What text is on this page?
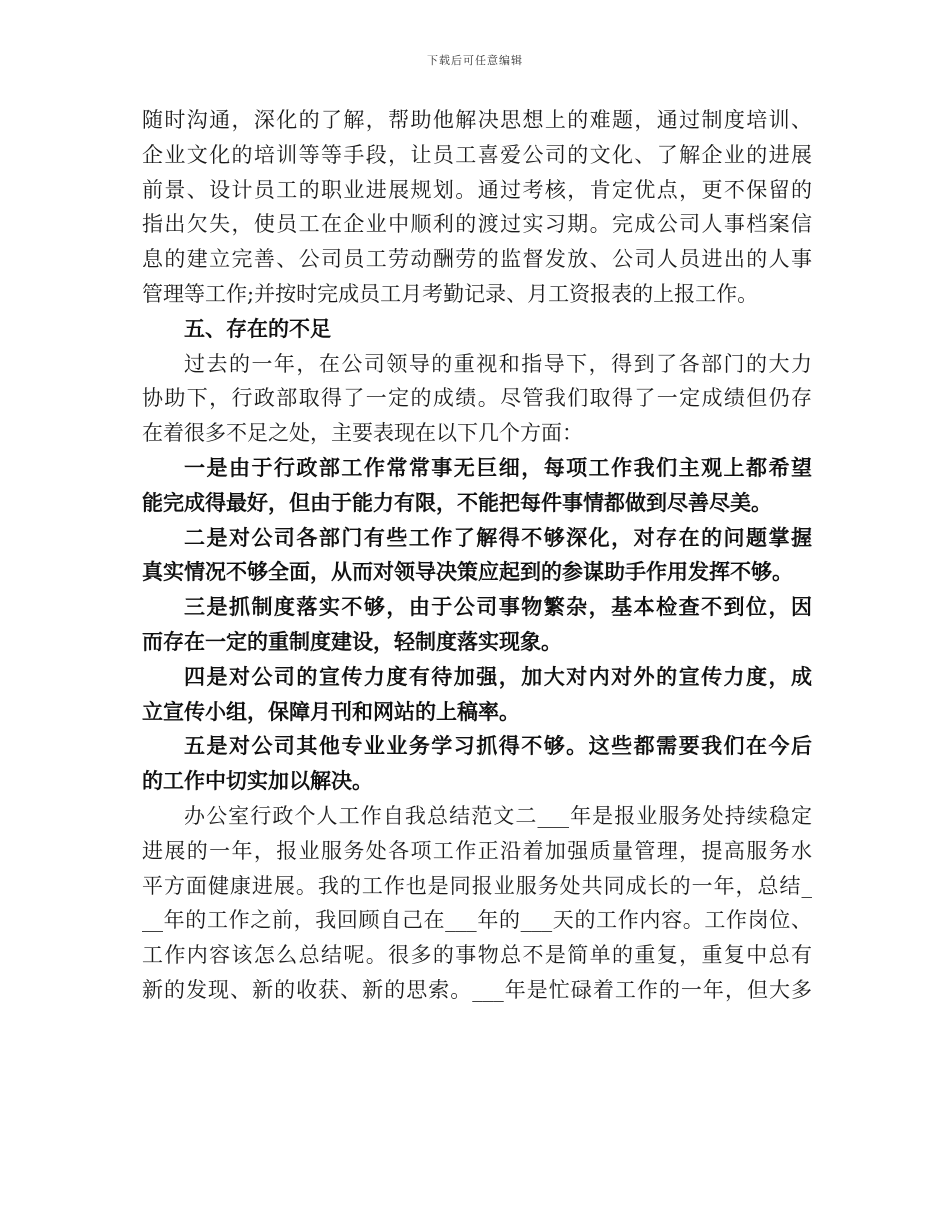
下载后可任意编辑
随时沟通，深化的了解，帮助他解决思想上的难题，通过制度培训、
企业文化的培训等等手段，让员工喜爱公司的文化、了解企业的进展
前景、设计员工的职业进展规划。通过考核，肯定优点，更不保留的
指出欠失，使员工在企业中顺利的渡过实习期。完成公司人事档案信
息的建立完善、公司员工劳动酬劳的监督发放、公司人员进出的人事
管理等工作;并按时完成员工月考勤记录、月工资报表的上报工作。
五、存在的不足
过去的一年，在公司领导的重视和指导下，得到了各部门的大力
协助下，行政部取得了一定的成绩。尽管我们取得了一定成绩但仍存
在着很多不足之处，主要表现在以下几个方面：
一是由于行政部工作常常事无巨细，每项工作我们主观上都希望
能完成得最好，但由于能力有限，不能把每件事情都做到尽善尽美。
二是对公司各部门有些工作了解得不够深化，对存在的问题掌握
真实情况不够全面，从而对领导决策应起到的参谋助手作用发挥不够。
三是抓制度落实不够，由于公司事物繁杂，基本检查不到位，因
而存在一定的重制度建设，轻制度落实现象。
四是对公司的宣传力度有待加强，加大对内对外的宣传力度，成
立宣传小组，保障月刊和网站的上稿率。
五是对公司其他专业业务学习抓得不够。这些都需要我们在今后
的工作中切实加以解决。
办公室行政个人工作自我总结范文二___年是报业服务处持续稳定
进展的一年，报业服务处各项工作正沿着加强质量管理，提高服务水
平方面健康进展。我的工作也是同报业服务处共同成长的一年，总结_
__年的工作之前，我回顾自己在___年的___天的工作内容。工作岗位、
工作内容该怎么总结呢。很多的事物总不是简单的重复，重复中总有
新的发现、新的收获、新的思索。___年是忙碌着工作的一年，但大多
